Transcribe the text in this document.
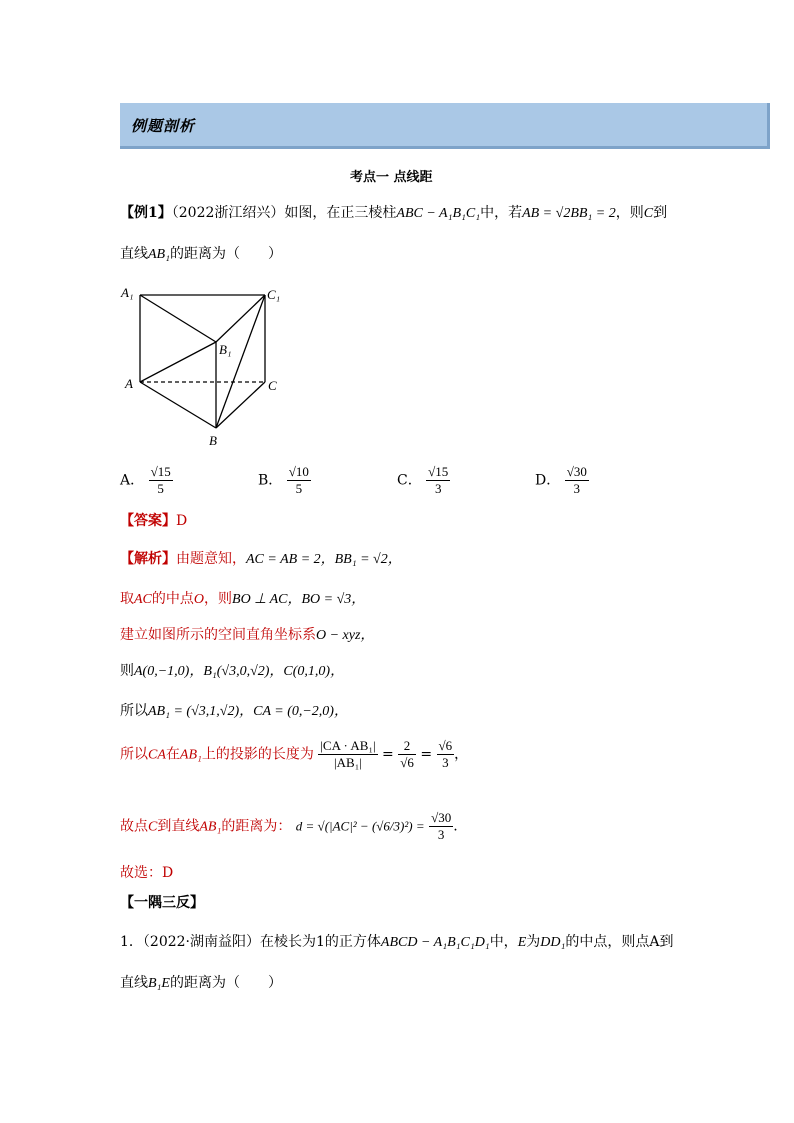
例题剖析
考点一 点线距
【例1】（2022浙江绍兴）如图，在正三棱柱ABC − A₁B₁C₁中，若AB = √2BB₁ = 2，则C到
直线AB₁的距离为（　　）
A₁	C₁
B₁
A	C
B
A． $\frac{√15}{5}$	B． $\frac{√10}{5}$	C． $\frac{√15}{3}$	D． $\frac{√30}{3}$
【答案】D
【解析】由题意知，AC = AB = 2，BB₁ = √2，
取AC的中点O，则BO ⊥ AC，BO = √3，
建立如图所示的空间直角坐标系O − xyz，
则A(0,−1,0)，B₁(√3,0,√2)，C(0,1,0)，
所以AB₁ = (√3,1,√2)，CA = (0,−2,0)，
所以CA在AB₁上的投影的长度为 $\frac{\text{|CA · AB₁|}}{\text{|AB₁|}} = \frac{2}{√6} = \frac{√6}{3}$ ，
故点C到直线AB₁的距离为： $d = √(|AC|^2 - (√6/3)^2) = \frac{√30}{3}$ .
故选：D
【一隅三反】
1．（2022·湖南益阳）在棱长为1的正方体ABCD − A₁B₁C₁D₁中，E为DD₁的中点，则点A到
直线B₁E的距离为（　　）
